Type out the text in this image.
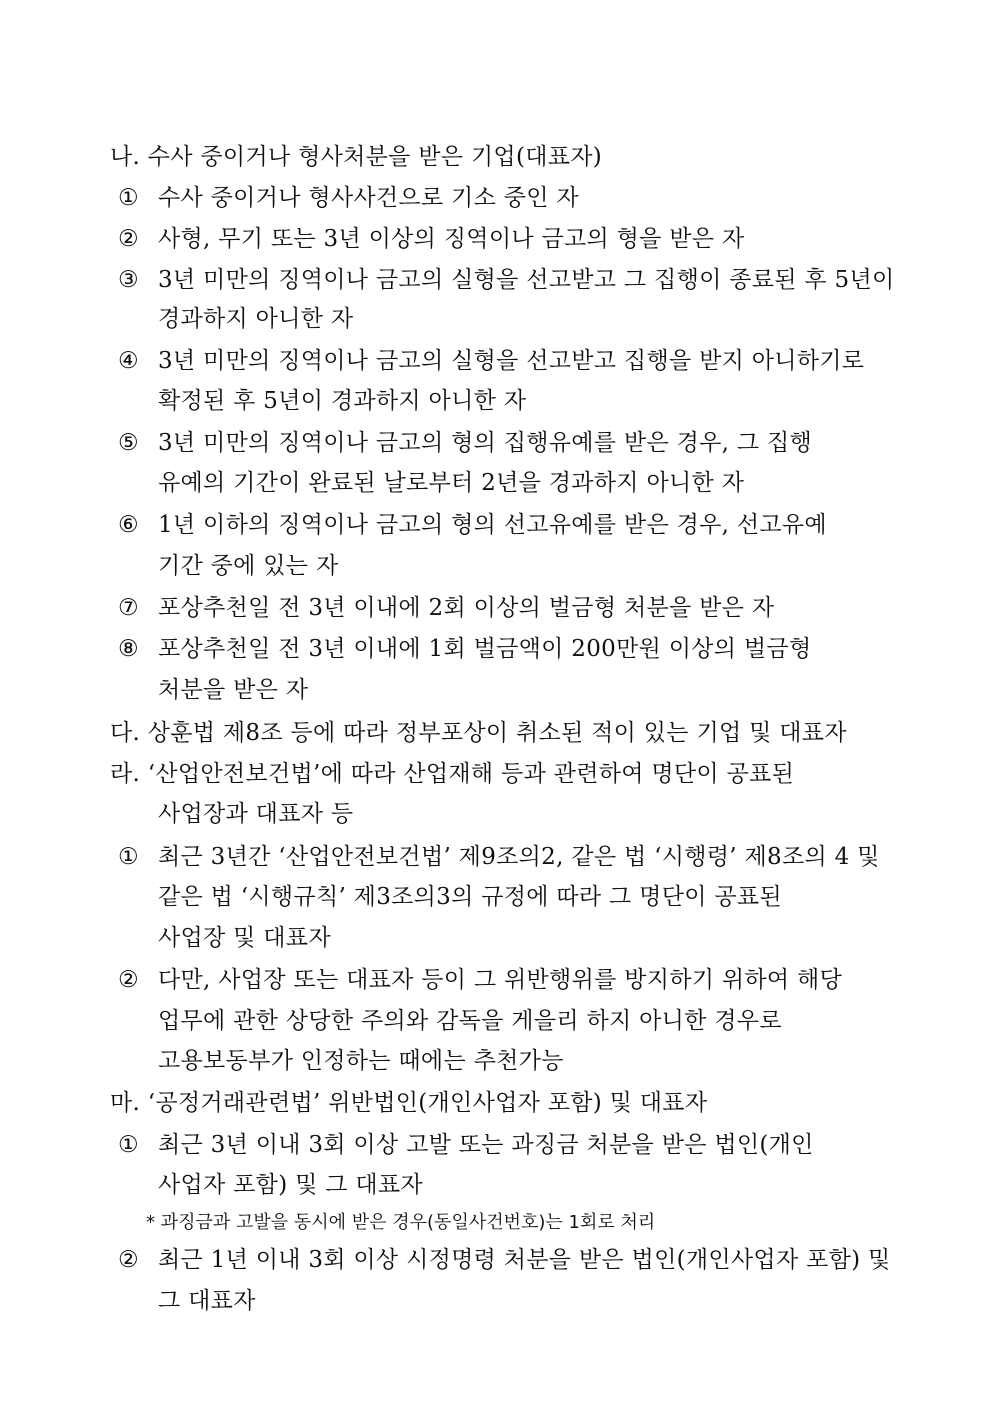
나. 수사 중이거나 형사처분을 받은 기업(대표자)
① 수사 중이거나 형사사건으로 기소 중인 자
② 사형, 무기 또는 3년 이상의 징역이나 금고의 형을 받은 자
③ 3년 미만의 징역이나 금고의 실형을 선고받고 그 집행이 종료된 후 5년이
경과하지 아니한 자
④ 3년 미만의 징역이나 금고의 실형을 선고받고 집행을 받지 아니하기로
확정된 후 5년이 경과하지 아니한 자
⑤ 3년 미만의 징역이나 금고의 형의 집행유예를 받은 경우, 그 집행
유예의 기간이 완료된 날로부터 2년을 경과하지 아니한 자
⑥ 1년 이하의 징역이나 금고의 형의 선고유예를 받은 경우, 선고유예
기간 중에 있는 자
⑦ 포상추천일 전 3년 이내에 2회 이상의 벌금형 처분을 받은 자
⑧ 포상추천일 전 3년 이내에 1회 벌금액이 200만원 이상의 벌금형
처분을 받은 자
다. 상훈법 제8조 등에 따라 정부포상이 취소된 적이 있는 기업 및 대표자
라. ‘산업안전보건법’에 따라 산업재해 등과 관련하여 명단이 공표된
사업장과 대표자 등
① 최근 3년간 ‘산업안전보건법’ 제9조의2, 같은 법 ‘시행령’ 제8조의 4 및
같은 법 ‘시행규칙’ 제3조의3의 규정에 따라 그 명단이 공표된
사업장 및 대표자
② 다만, 사업장 또는 대표자 등이 그 위반행위를 방지하기 위하여 해당
업무에 관한 상당한 주의와 감독을 게을리 하지 아니한 경우로
고용보동부가 인정하는 때에는 추천가능
마. ‘공정거래관련법’ 위반법인(개인사업자 포함) 및 대표자
① 최근 3년 이내 3회 이상 고발 또는 과징금 처분을 받은 법인(개인
사업자 포함) 및 그 대표자
* 과징금과 고발을 동시에 받은 경우(동일사건번호)는 1회로 처리
② 최근 1년 이내 3회 이상 시정명령 처분을 받은 법인(개인사업자 포함) 및
그 대표자
